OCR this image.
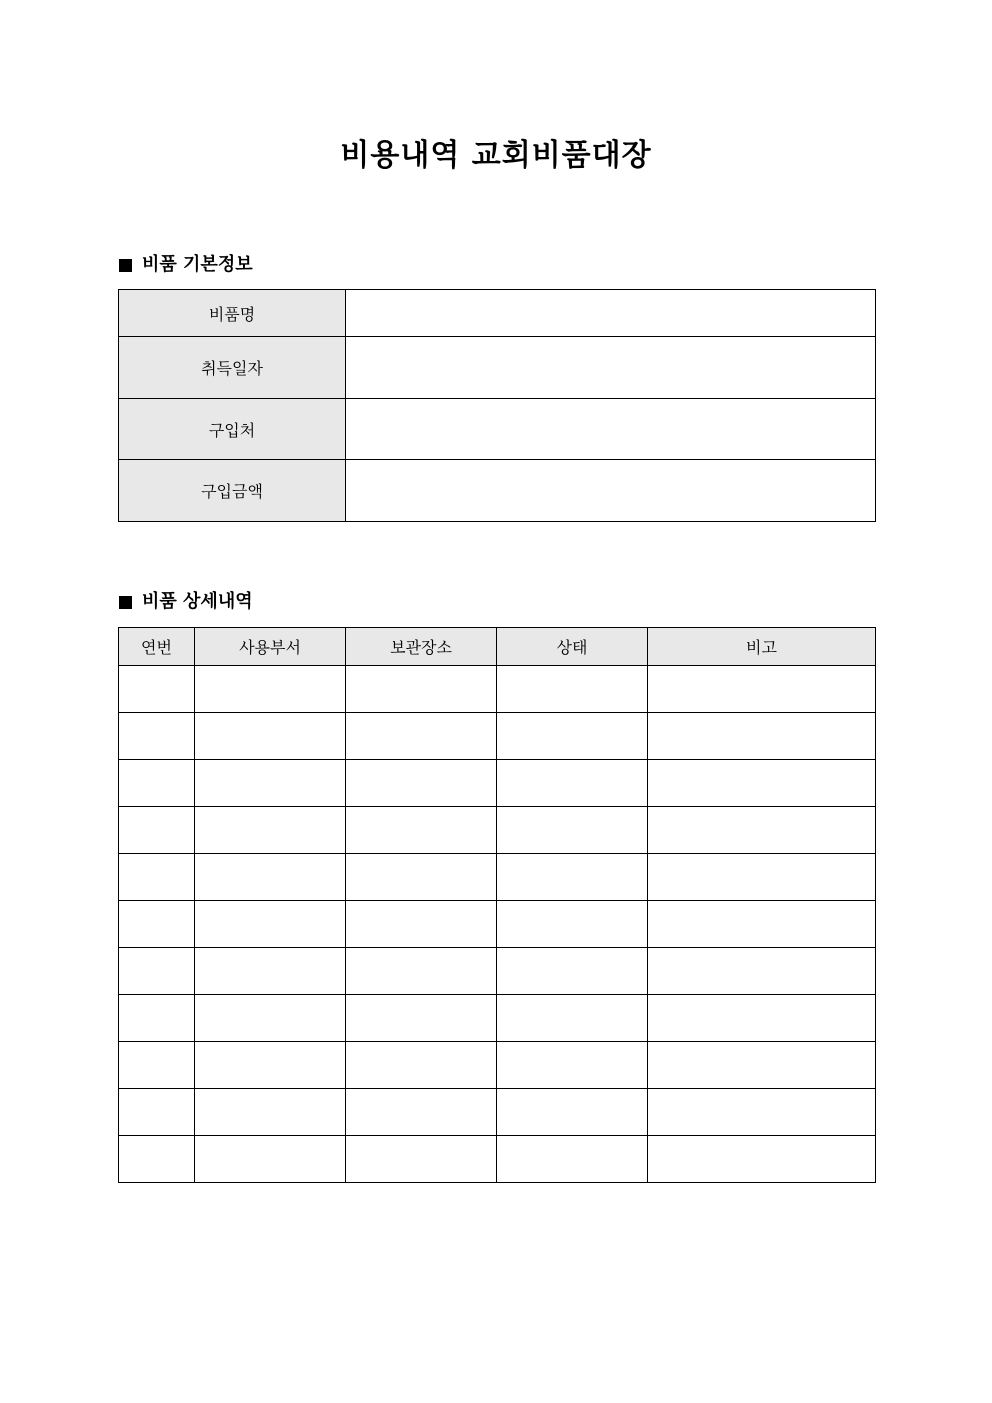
비용내역 교회비품대장
비품 기본정보
비품명	
취득일자	
구입처	
구입금액	
비품 상세내역
연번	사용부서	보관장소	상태	비고
